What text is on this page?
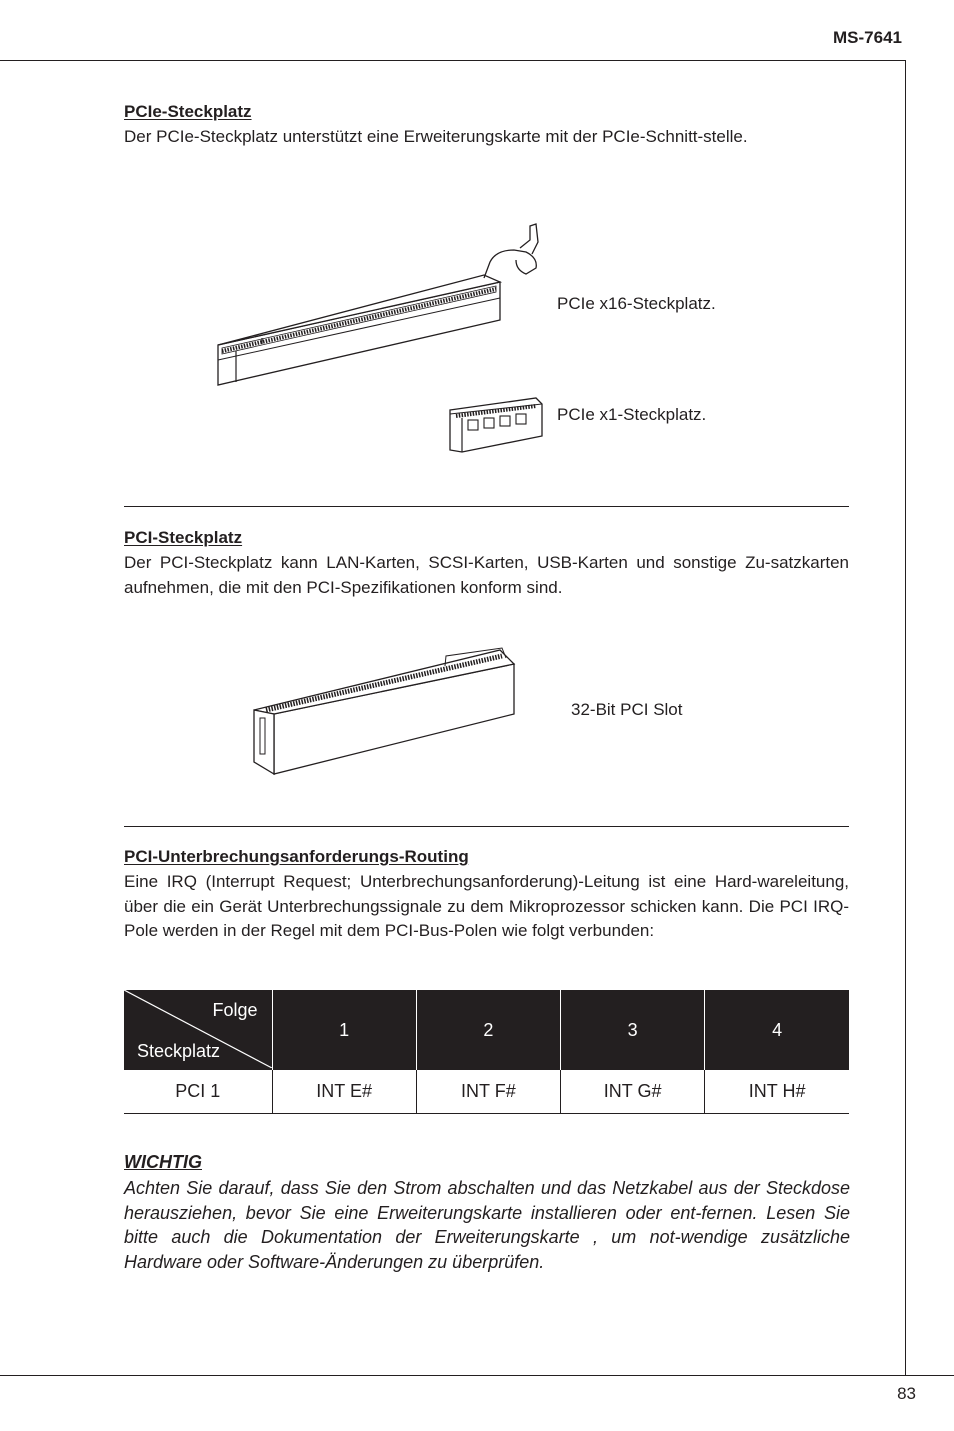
MS-7641
PCIe-Steckplatz

Der PCIe-Steckplatz unterstützt eine Erweiterungskarte mit der PCIe-Schnitt-stelle.

PCIe x16-Steckplatz.
PCIe x1-Steckplatz.
PCI-Steckplatz

Der PCI-Steckplatz kann LAN-Karten, SCSI-Karten, USB-Karten und sonstige Zu-satzkarten aufnehmen, die mit den PCI-Spezifikationen konform sind.

32-Bit PCI Slot
PCI-Unterbrechungsanforderungs-Routing

Eine IRQ (Interrupt Request; Unterbrechungsanforderung)-Leitung ist eine Hard-wareleitung, über die ein Gerät Unterbrechungssignale zu dem Mikroprozessor schicken kann. Die PCI IRQ-Pole werden in der Regel mit dem PCI-Bus-Polen wie folgt verbunden:

Folge
Steckplatz	1	2	3	4
PCI 1	INT E#	INT F#	INT G#	INT H#
WICHTIG

Achten Sie darauf, dass Sie den Strom abschalten und das Netzkabel aus der Steckdose herausziehen, bevor Sie eine Erweiterungskarte installieren oder ent-fernen. Lesen Sie bitte auch die Dokumentation der Erweiterungskarte , um not-wendige zusätzliche Hardware oder Software-Änderungen zu überprüfen.

83
